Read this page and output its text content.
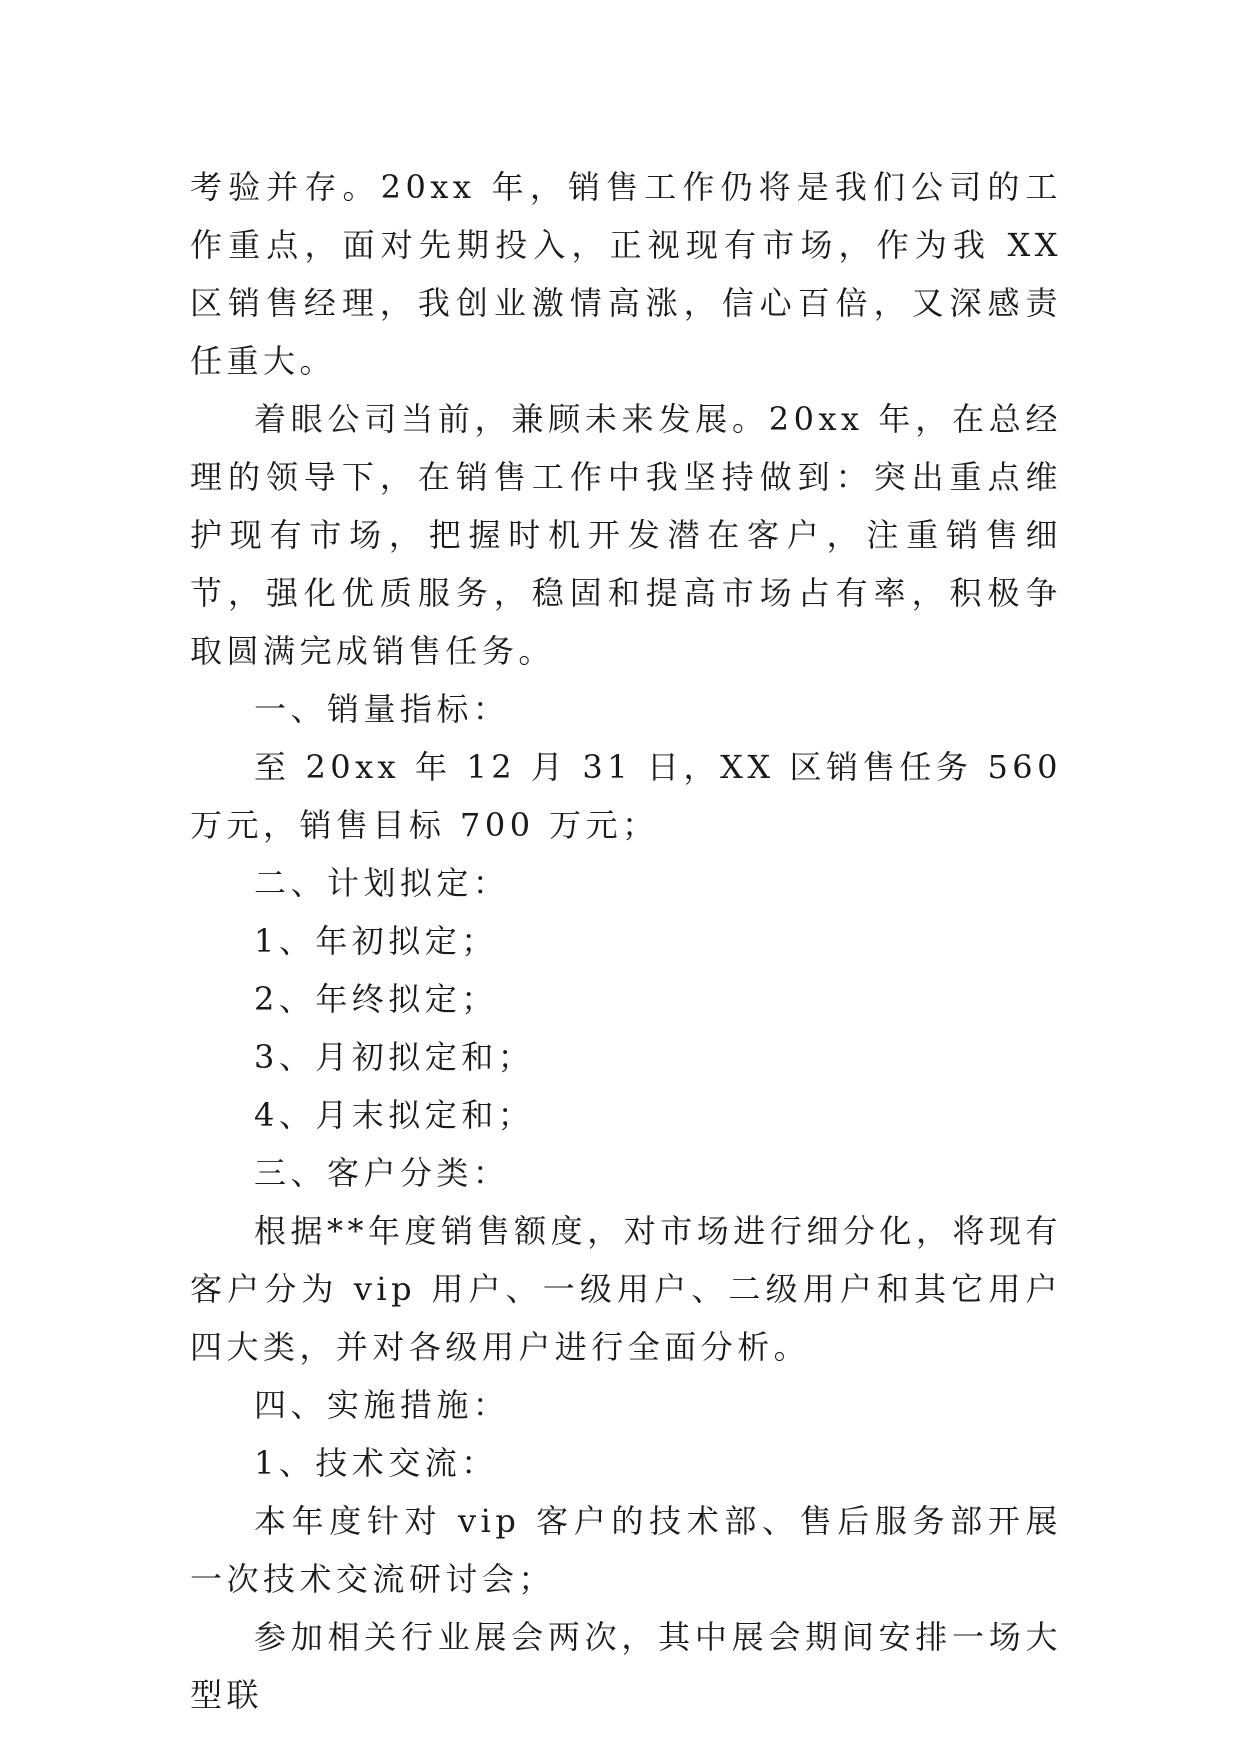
考验并存。20xx 年，销售工作仍将是我们公司的工作重点，面对先期投入，正视现有市场，作为我 XX 区销售经理，我创业激情高涨，信心百倍，又深感责任重大。

着眼公司当前，兼顾未来发展。20xx 年，在总经理的领导下，在销售工作中我坚持做到：突出重点维护现有市场，把握时机开发潜在客户，注重销售细节，强化优质服务，稳固和提高市场占有率，积极争取圆满完成销售任务。

一、销量指标：

至 20xx 年 12 月 31 日，XX 区销售任务 560 万元，销售目标 700 万元；

二、计划拟定：

1、年初拟定；

2、年终拟定；

3、月初拟定和；

4、月末拟定和；

三、客户分类：

根据**年度销售额度，对市场进行细分化，将现有客户分为 vip 用户、一级用户、二级用户和其它用户四大类，并对各级用户进行全面分析。

四、实施措施：

1、技术交流：

本年度针对 vip 客户的技术部、售后服务部开展一次技术交流研讨会；

参加相关行业展会两次，其中展会期间安排一场大型联
